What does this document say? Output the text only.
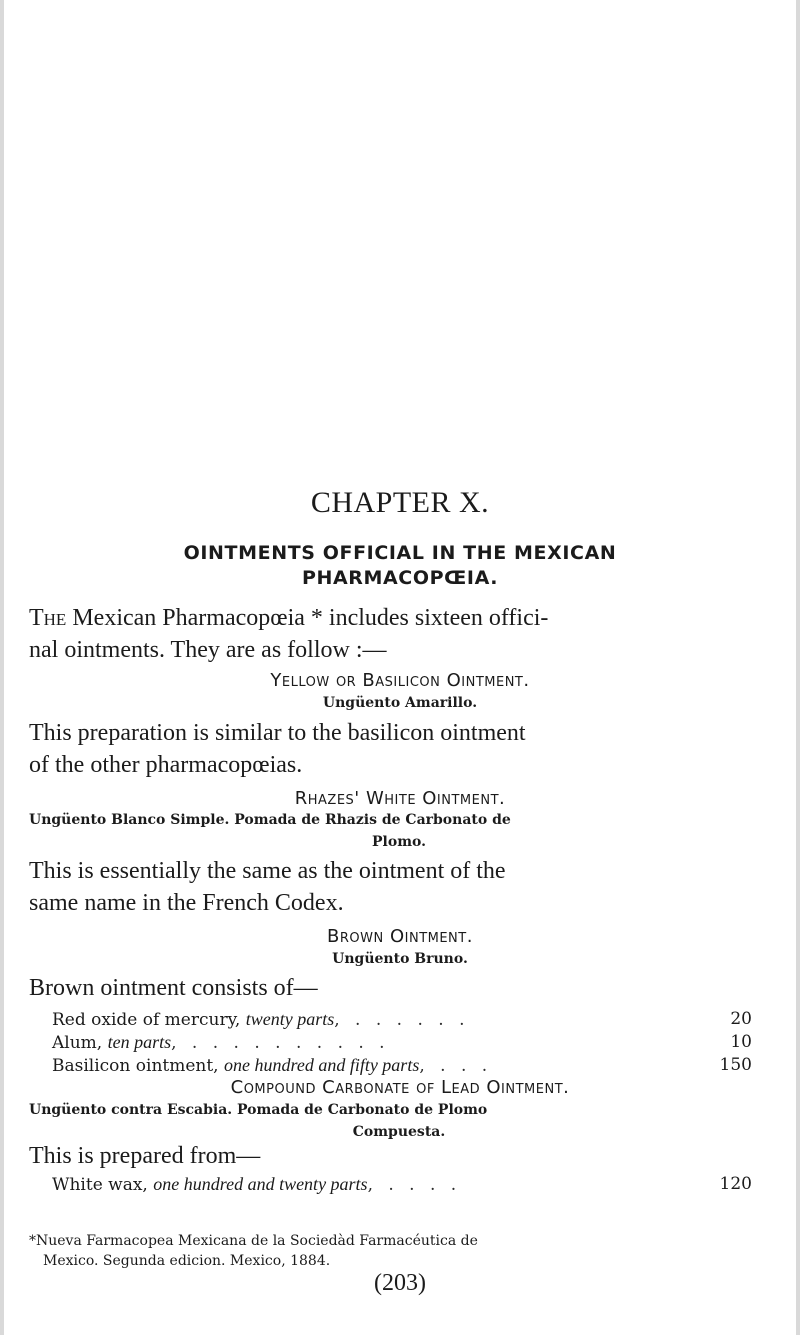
CHAPTER X.
OINTMENTS OFFICIAL IN THE MEXICAN
PHARMACOPŒIA.
The Mexican Pharmacopœia * includes sixteen offici-
nal ointments. They are as follow :—
Yellow or Basilicon Ointment.
Ungüento Amarillo.
This preparation is similar to the basilicon ointment
of the other pharmacopœias.
Rhazes' White Ointment.
Ungüento Blanco Simple. Pomada de Rhazis de Carbonato de
Plomo.
This is essentially the same as the ointment of the
same name in the French Codex.
Brown Ointment.
Ungüento Bruno.
Brown ointment consists of—
Red oxide of mercury, twenty parts, . . . . . .	20
Alum, ten parts, . . . . . . . . . .	10
Basilicon ointment, one hundred and fifty parts, . . .	150
Compound Carbonate of Lead Ointment.
Ungüento contra Escabia. Pomada de Carbonato de Plomo
Compuesta.
This is prepared from—
White wax, one hundred and twenty parts, . . . .	120
*Nueva Farmacopea Mexicana de la Sociedàd Farmacéutica de
Mexico. Segunda edicion. Mexico, 1884.
(203)
